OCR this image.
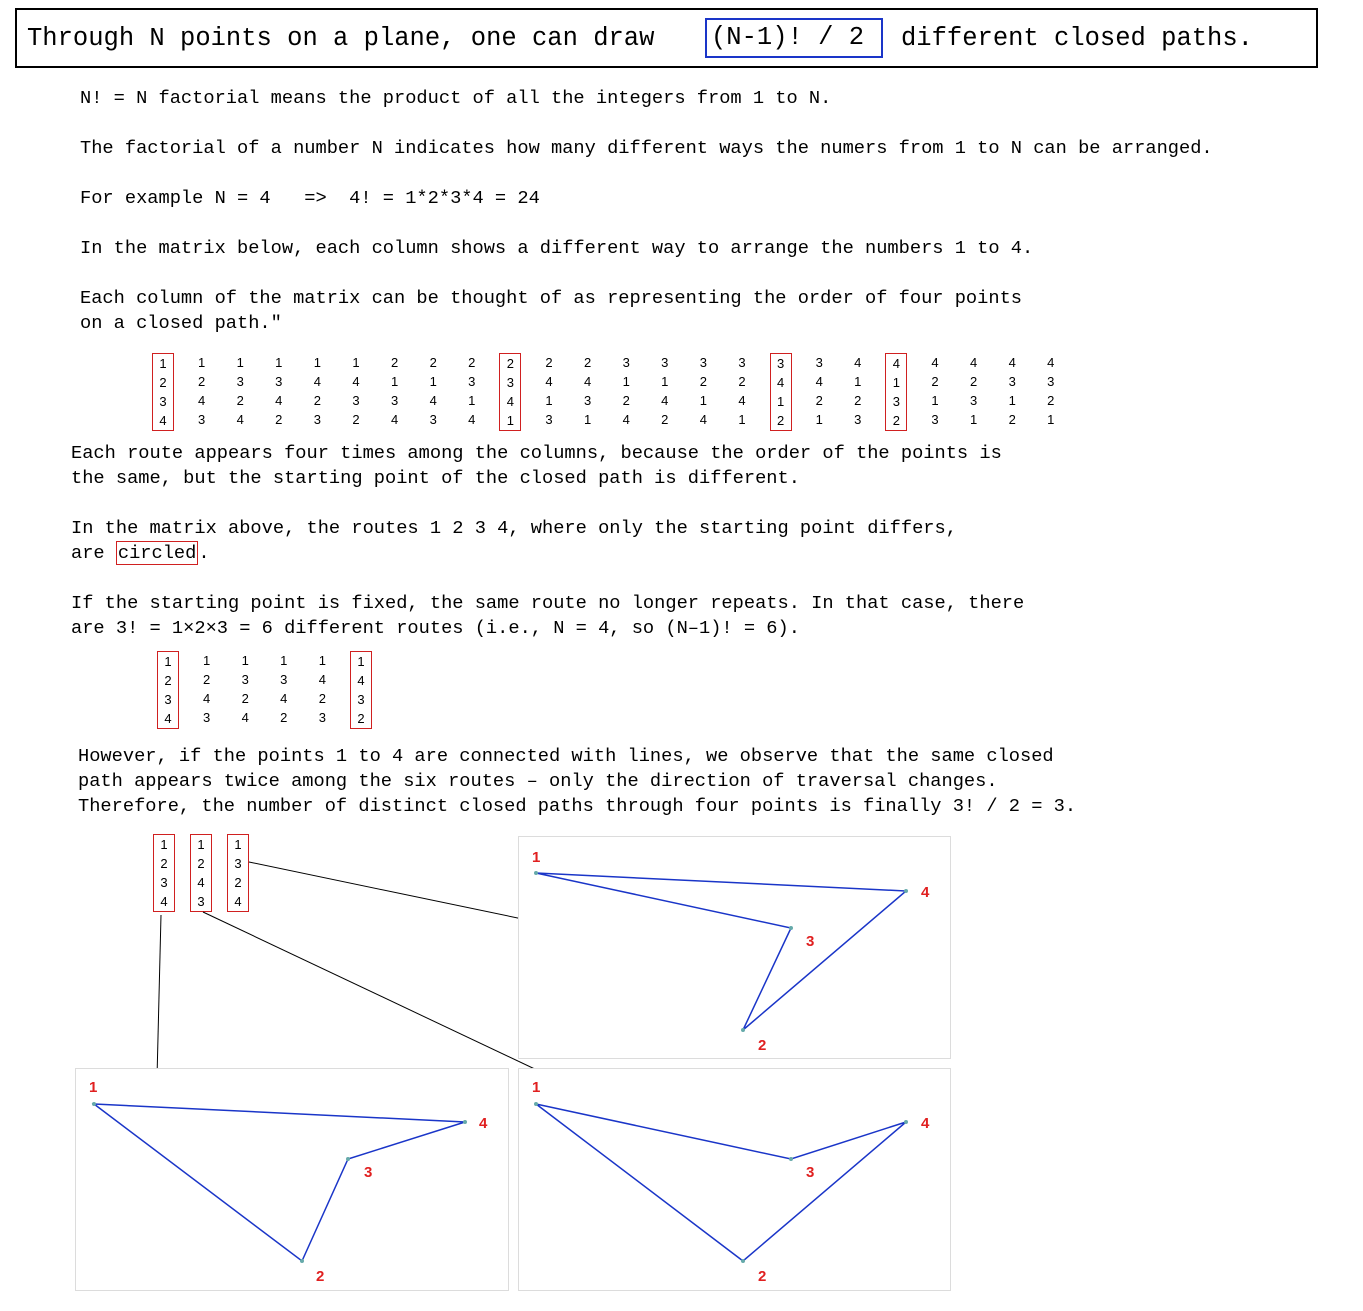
Through N points on a plane, one can draw (N-1)! / 2	different closed paths.
N! = N factorial means the product of all the integers from 1 to N.
The factorial of a number N indicates how many different ways the numers from 1 to N can be arranged.
For example N = 4   =>  4! = 1*2*3*4 = 24
In the matrix below, each column shows a different way to arrange the numbers 1 to 4.
Each column of the matrix can be thought of as representing the order of four points
on a closed path."
1
2
3
4
1
2
4
3
1
3
2
4
1
3
4
2
1
4
2
3
1
4
3
2
2
1
3
4
2
1
4
3
2
3
1
4
2
3
4
1
2
4
1
3
2
4
3
1
3
1
2
4
3
1
4
2
3
2
1
4
3
2
4
1
3
4
1
2
3
4
2
1
4
1
2
3
4
1
3
2
4
2
1
3
4
2
3
1
4
3
1
2
4
3
2
1
Each route appears four times among the columns, because the order of the points is
the same, but the starting point of the closed path is different.
In the matrix above, the routes 1 2 3 4, where only the starting point differs,
are circled .
If the starting point is fixed, the same route no longer repeats. In that case, there
are 3! = 1×2×3 = 6 different routes (i.e., N = 4, so (N–1)! = 6).
1
2
3
4
1
2
4
3
1
3
2
4
1
3
4
2
1
4
2
3
1
4
3
2
However, if the points 1 to 4 are connected with lines, we observe that the same closed
path appears twice among the six routes – only the direction of traversal changes.
Therefore, the number of distinct closed paths through four points is finally 3! / 2 = 3.
1
2
3
4
1
2
4
3
1
3
2
4
1
2
3
4
1
2
3
4
1
2
3
4
